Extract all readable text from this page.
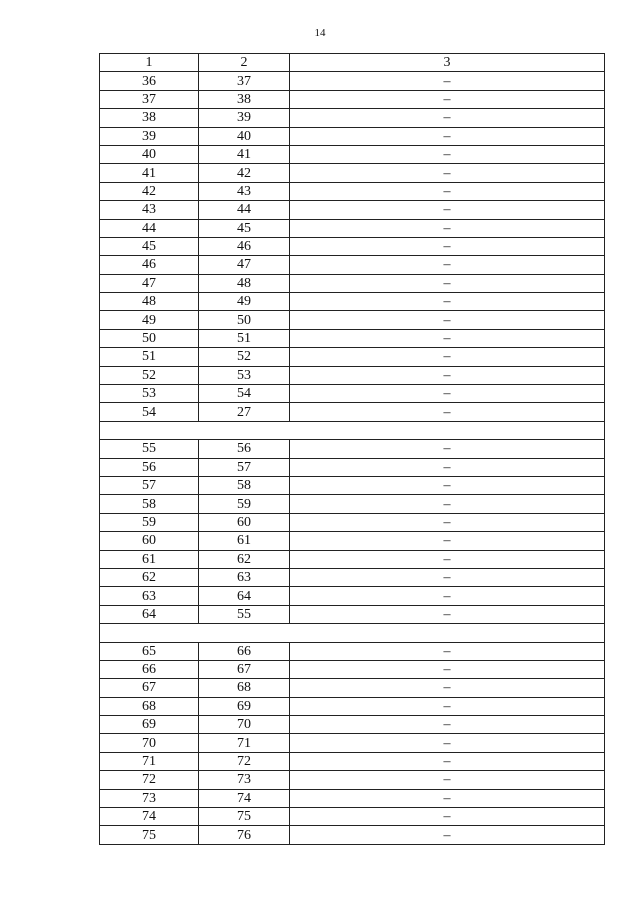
14
1	2	3
36	37	–
37	38	–
38	39	–
39	40	–
40	41	–
41	42	–
42	43	–
43	44	–
44	45	–
45	46	–
46	47	–
47	48	–
48	49	–
49	50	–
50	51	–
51	52	–
52	53	–
53	54	–
54	27	–

55	56	–
56	57	–
57	58	–
58	59	–
59	60	–
60	61	–
61	62	–
62	63	–
63	64	–
64	55	–

65	66	–
66	67	–
67	68	–
68	69	–
69	70	–
70	71	–
71	72	–
72	73	–
73	74	–
74	75	–
75	76	–
